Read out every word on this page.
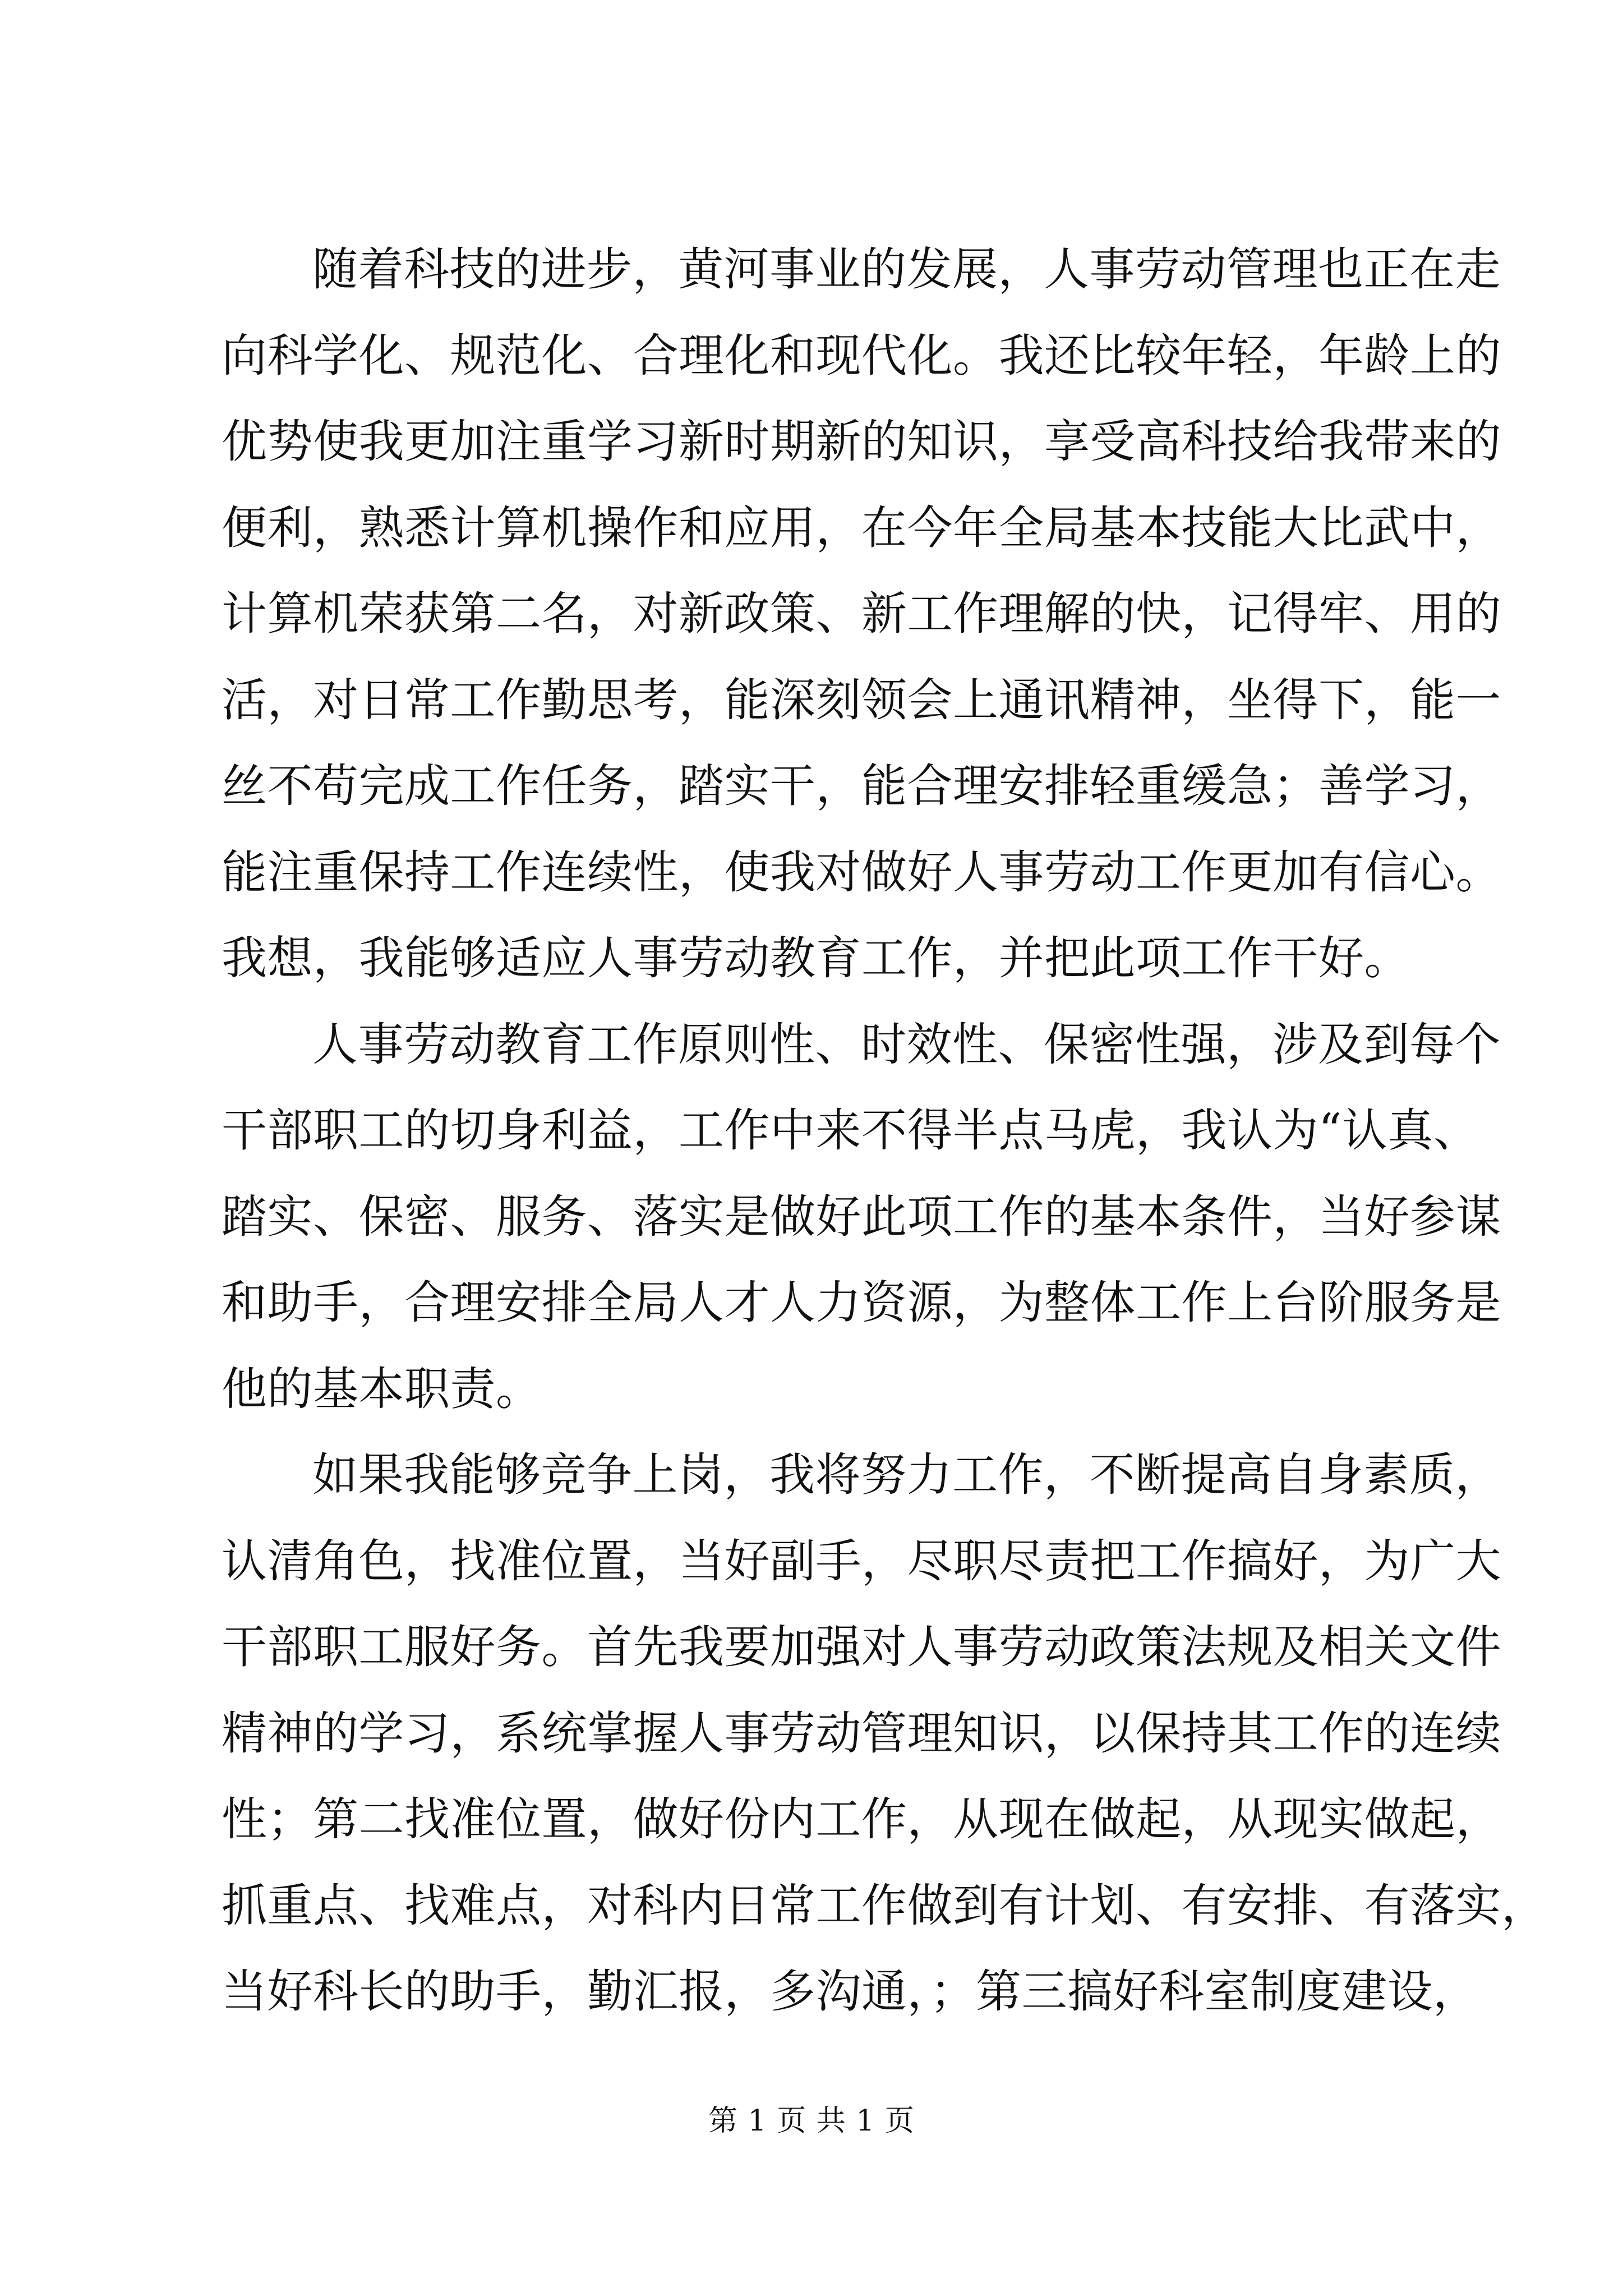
随着科技的进步，黄河事业的发展，人事劳动管理也正在走
向科学化、规范化、合理化和现代化。我还比较年轻，年龄上的
优势使我更加注重学习新时期新的知识，享受高科技给我带来的
便利，熟悉计算机操作和应用，在今年全局基本技能大比武中，
计算机荣获第二名，对新政策、新工作理解的快，记得牢、用的
活，对日常工作勤思考，能深刻领会上通讯精神，坐得下，能一
丝不苟完成工作任务，踏实干，能合理安排轻重缓急；善学习，
能注重保持工作连续性，使我对做好人事劳动工作更加有信心。
我想，我能够适应人事劳动教育工作，并把此项工作干好。
人事劳动教育工作原则性、时效性、保密性强，涉及到每个
干部职工的切身利益，工作中来不得半点马虎，我认为“认真、
踏实、保密、服务、落实是做好此项工作的基本条件，当好参谋
和助手，合理安排全局人才人力资源，为整体工作上台阶服务是
他的基本职责。
如果我能够竞争上岗，我将努力工作，不断提高自身素质，
认清角色，找准位置，当好副手，尽职尽责把工作搞好，为广大
干部职工服好务。首先我要加强对人事劳动政策法规及相关文件
精神的学习，系统掌握人事劳动管理知识，以保持其工作的连续
性；第二找准位置，做好份内工作，从现在做起，从现实做起，
抓重点、找难点，对科内日常工作做到有计划、有安排、有落实，
当好科长的助手，勤汇报，多沟通，；第三搞好科室制度建设，
第 1 页 共 1 页
